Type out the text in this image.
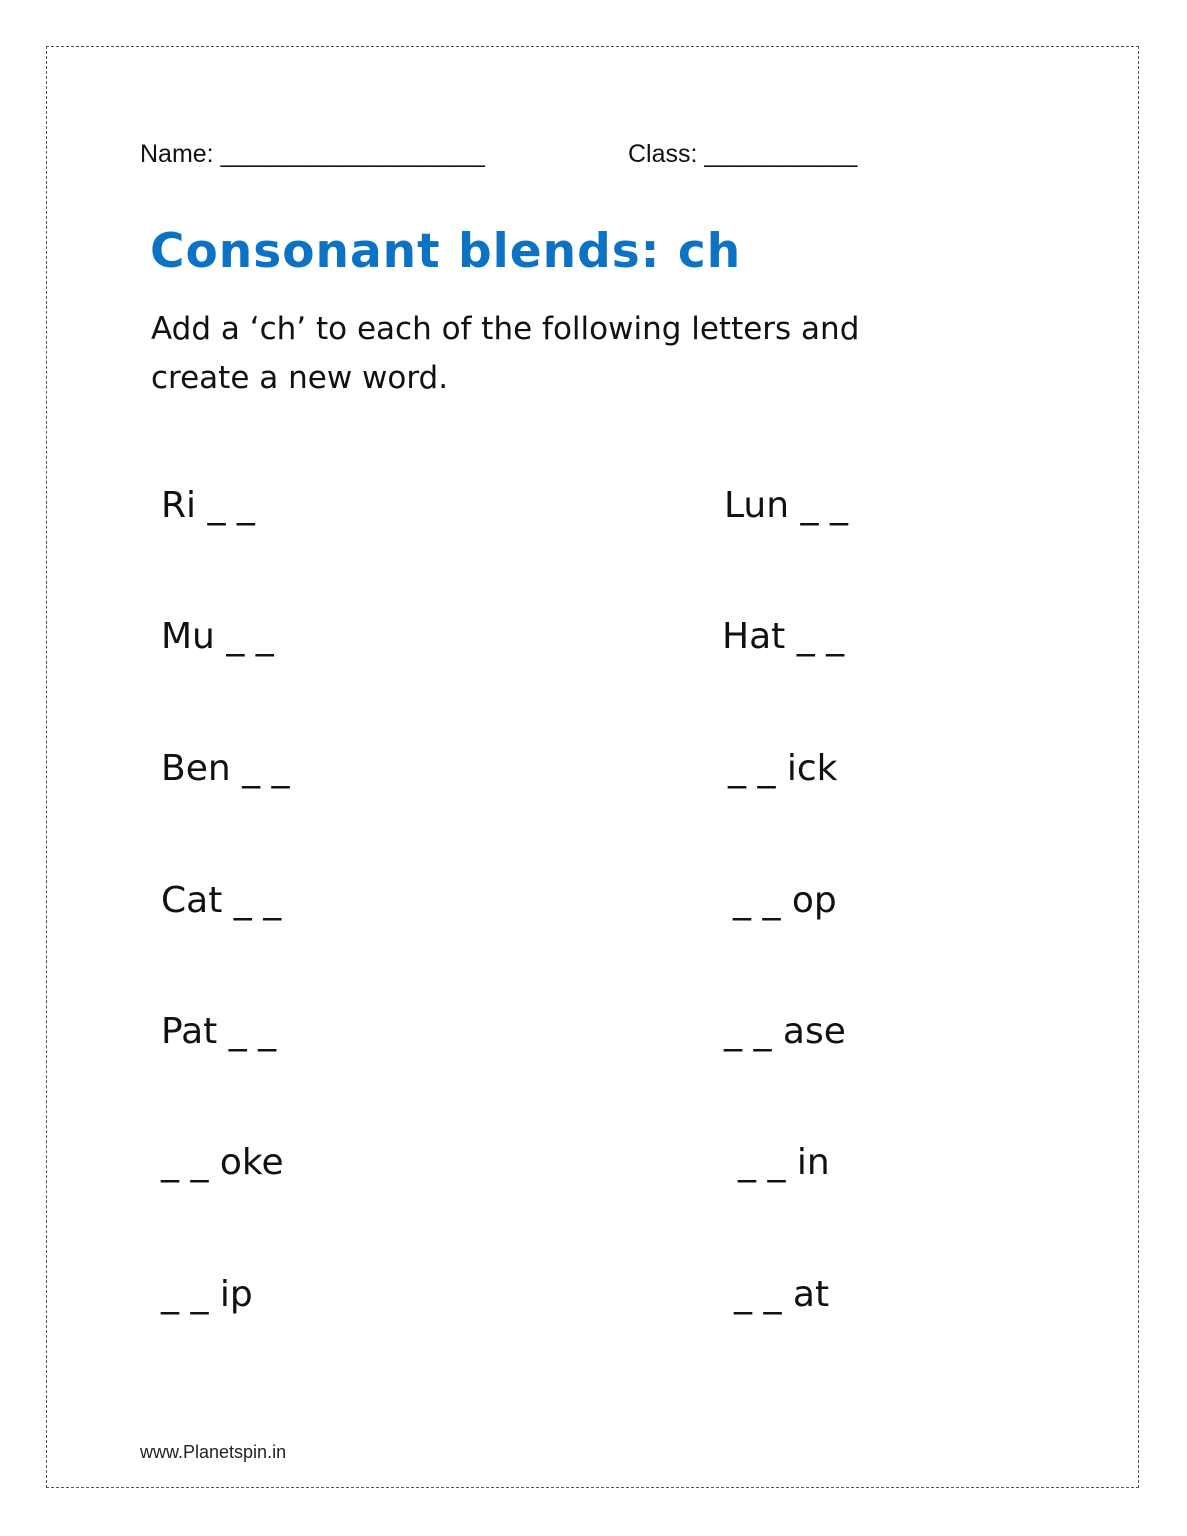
Name: ___________________	Class: ___________
Consonant blends: ch

Add a ‘ch’ to each of the following letters and create a new word.

Ri _ _
Mu _ _
Ben _ _
Cat _ _
Pat _ _
_ _ oke
_ _ ip
Lun _ _
Hat _ _
_ _ ick
_ _ op
_ _ ase
_ _ in
_ _ at
www.Planetspin.in
